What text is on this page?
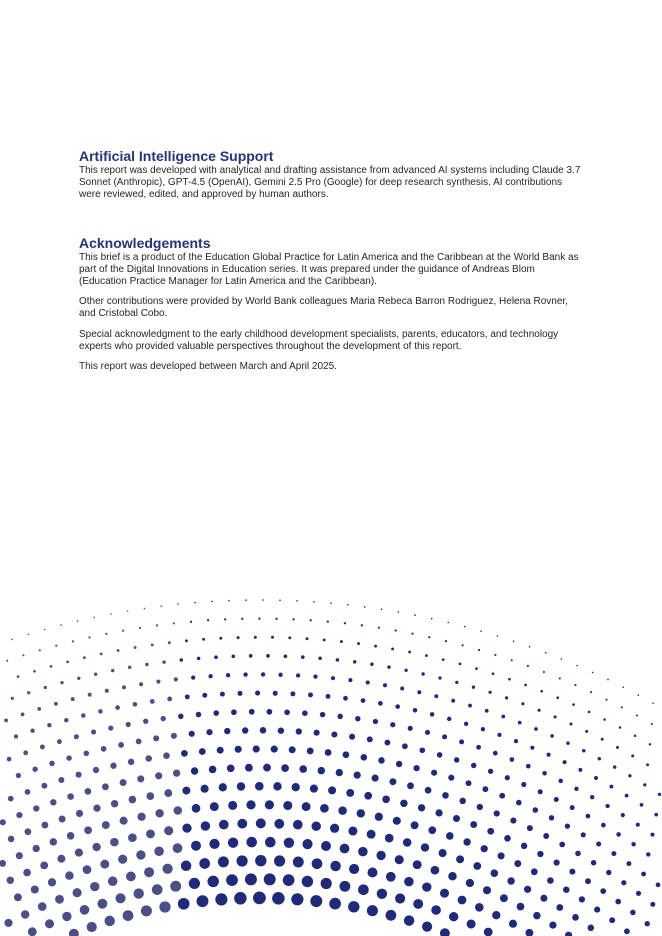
Artificial Intelligence Support

This report was developed with analytical and drafting assistance from advanced AI systems including Claude 3.7 Sonnet (Anthropic), GPT-4.5 (OpenAI), Gemini 2.5 Pro (Google) for deep research synthesis. AI contributions were reviewed, edited, and approved by human authors.

Acknowledgements

This brief is a product of the Education Global Practice for Latin America and the Caribbean at the World Bank as part of the Digital Innovations in Education series. It was prepared under the guidance of Andreas Blom (Education Practice Manager for Latin America and the Caribbean).

Other contributions were provided by World Bank colleagues Maria Rebeca Barron Rodriguez, Helena Rovner, and Cristobal Cobo.

Special acknowledgment to the early childhood development specialists, parents, educators, and technology experts who provided valuable perspectives throughout the development of this report.

This report was developed between March and April 2025.
